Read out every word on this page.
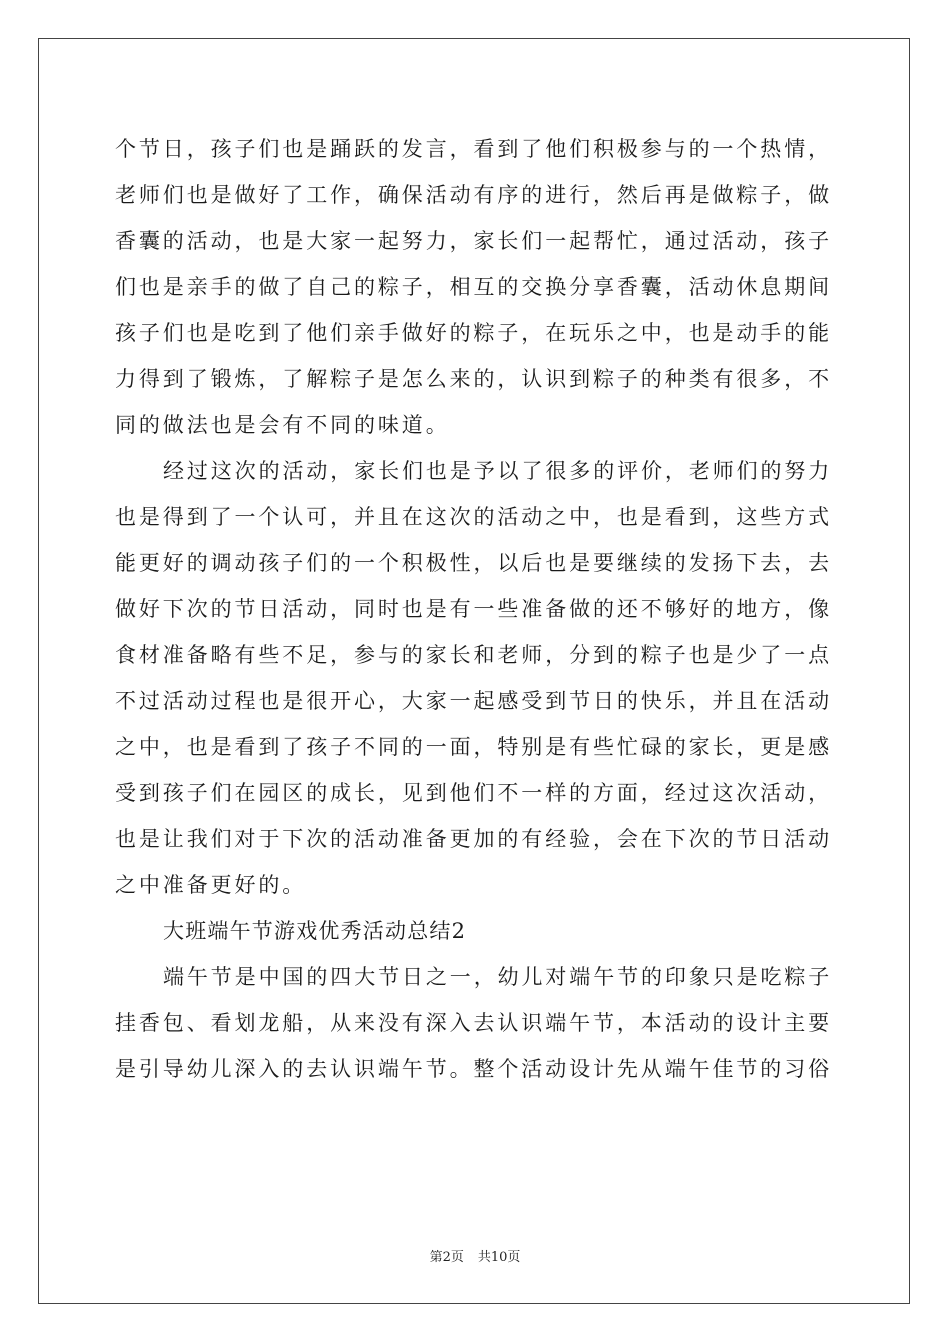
个节日，孩子们也是踊跃的发言，看到了他们积极参与的一个热情，
老师们也是做好了工作，确保活动有序的进行，然后再是做粽子，做
香囊的活动，也是大家一起努力，家长们一起帮忙，通过活动，孩子
们也是亲手的做了自己的粽子，相互的交换分享香囊，活动休息期间
孩子们也是吃到了他们亲手做好的粽子，在玩乐之中，也是动手的能
力得到了锻炼，了解粽子是怎么来的，认识到粽子的种类有很多，不
同的做法也是会有不同的味道。
经过这次的活动，家长们也是予以了很多的评价，老师们的努力
也是得到了一个认可，并且在这次的活动之中，也是看到，这些方式
能更好的调动孩子们的一个积极性，以后也是要继续的发扬下去，去
做好下次的节日活动，同时也是有一些准备做的还不够好的地方，像
食材准备略有些不足，参与的家长和老师，分到的粽子也是少了一点
不过活动过程也是很开心，大家一起感受到节日的快乐，并且在活动
之中，也是看到了孩子不同的一面，特别是有些忙碌的家长，更是感
受到孩子们在园区的成长，见到他们不一样的方面，经过这次活动，
也是让我们对于下次的活动准备更加的有经验，会在下次的节日活动
之中准备更好的。
大班端午节游戏优秀活动总结2
端午节是中国的四大节日之一，幼儿对端午节的印象只是吃粽子
挂香包、看划龙船，从来没有深入去认识端午节，本活动的设计主要
是引导幼儿深入的去认识端午节。整个活动设计先从端午佳节的习俗
第2页 共10页
